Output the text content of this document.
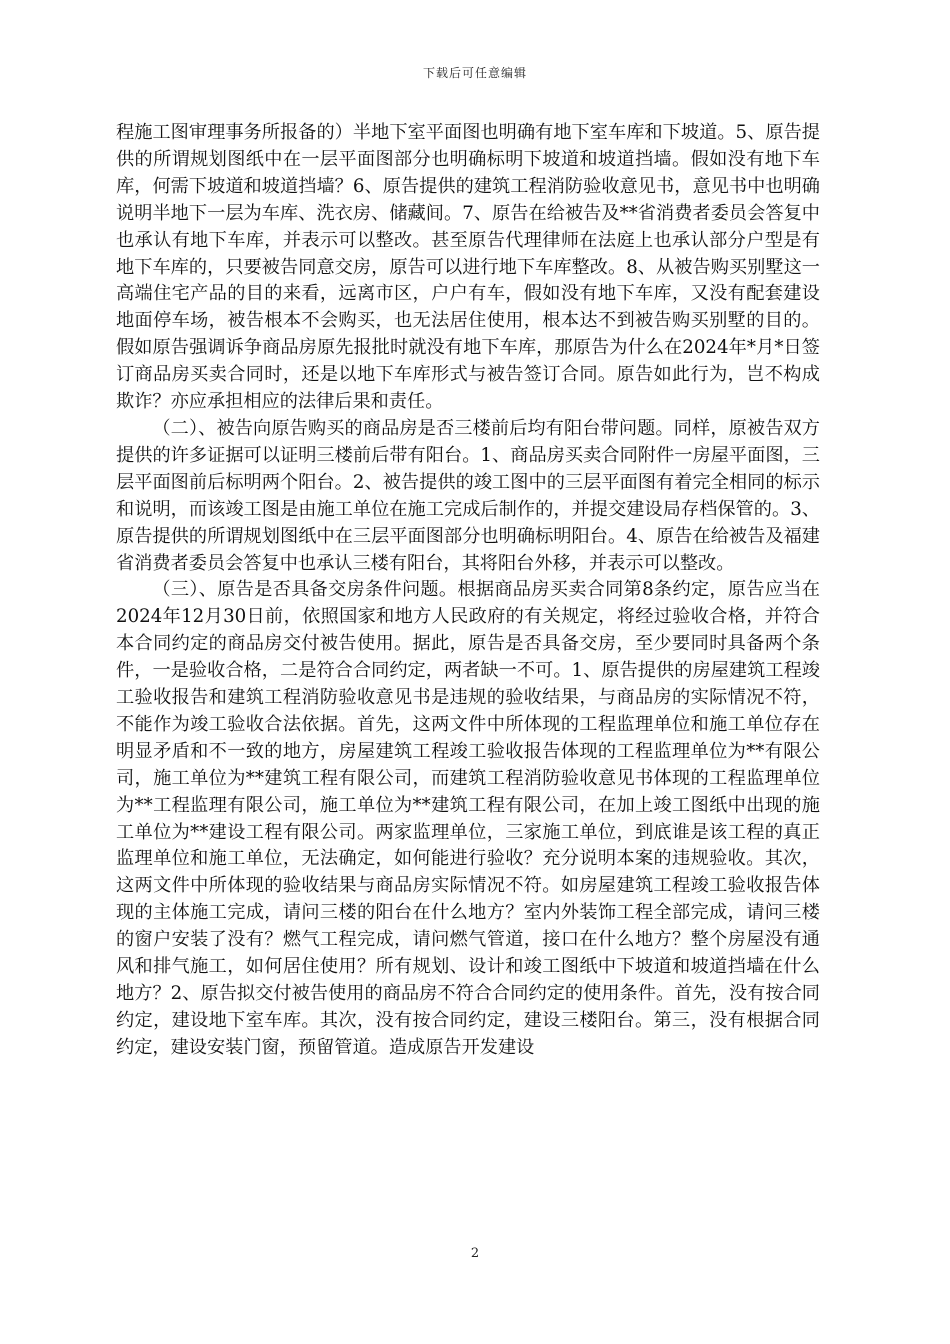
下载后可任意编辑

程施工图审理事务所报备的）半地下室平面图也明确有地下室车库和下坡道。5、原告提供的所谓规划图纸中在一层平面图部分也明确标明下坡道和坡道挡墙。假如没有地下车库，何需下坡道和坡道挡墙？6、原告提供的建筑工程消防验收意见书，意见书中也明确说明半地下一层为车库、洗衣房、储藏间。7、原告在给被告及**省消费者委员会答复中也承认有地下车库，并表示可以整改。甚至原告代理律师在法庭上也承认部分户型是有地下车库的，只要被告同意交房，原告可以进行地下车库整改。8、从被告购买别墅这一高端住宅产品的目的来看，远离市区，户户有车，假如没有地下车库，又没有配套建设地面停车场，被告根本不会购买，也无法居住使用，根本达不到被告购买别墅的目的。假如原告强调诉争商品房原先报批时就没有地下车库，那原告为什么在2024年*月*日签订商品房买卖合同时，还是以地下车库形式与被告签订合同。原告如此行为，岂不构成欺诈？亦应承担相应的法律后果和责任。

（二）、被告向原告购买的商品房是否三楼前后均有阳台带问题。同样，原被告双方提供的许多证据可以证明三楼前后带有阳台。1、商品房买卖合同附件一房屋平面图，三层平面图前后标明两个阳台。2、被告提供的竣工图中的三层平面图有着完全相同的标示和说明，而该竣工图是由施工单位在施工完成后制作的，并提交建设局存档保管的。3、原告提供的所谓规划图纸中在三层平面图部分也明确标明阳台。4、原告在给被告及福建省消费者委员会答复中也承认三楼有阳台，其将阳台外移，并表示可以整改。

（三）、原告是否具备交房条件问题。根据商品房买卖合同第8条约定，原告应当在2024年12月30日前，依照国家和地方人民政府的有关规定，将经过验收合格，并符合本合同约定的商品房交付被告使用。据此，原告是否具备交房，至少要同时具备两个条件，一是验收合格，二是符合合同约定，两者缺一不可。1、原告提供的房屋建筑工程竣工验收报告和建筑工程消防验收意见书是违规的验收结果，与商品房的实际情况不符，不能作为竣工验收合法依据。首先，这两文件中所体现的工程监理单位和施工单位存在明显矛盾和不一致的地方，房屋建筑工程竣工验收报告体现的工程监理单位为**有限公司，施工单位为**建筑工程有限公司，而建筑工程消防验收意见书体现的工程监理单位为**工程监理有限公司，施工单位为**建筑工程有限公司，在加上竣工图纸中出现的施工单位为**建设工程有限公司。两家监理单位，三家施工单位，到底谁是该工程的真正监理单位和施工单位，无法确定，如何能进行验收？充分说明本案的违规验收。其次，这两文件中所体现的验收结果与商品房实际情况不符。如房屋建筑工程竣工验收报告体现的主体施工完成，请问三楼的阳台在什么地方？室内外装饰工程全部完成，请问三楼的窗户安装了没有？燃气工程完成，请问燃气管道，接口在什么地方？整个房屋没有通风和排气施工，如何居住使用？所有规划、设计和竣工图纸中下坡道和坡道挡墙在什么地方？2、原告拟交付被告使用的商品房不符合合同约定的使用条件。首先，没有按合同约定，建设地下室车库。其次，没有按合同约定，建设三楼阳台。第三，没有根据合同约定，建设安装门窗，预留管道。造成原告开发建设

2
